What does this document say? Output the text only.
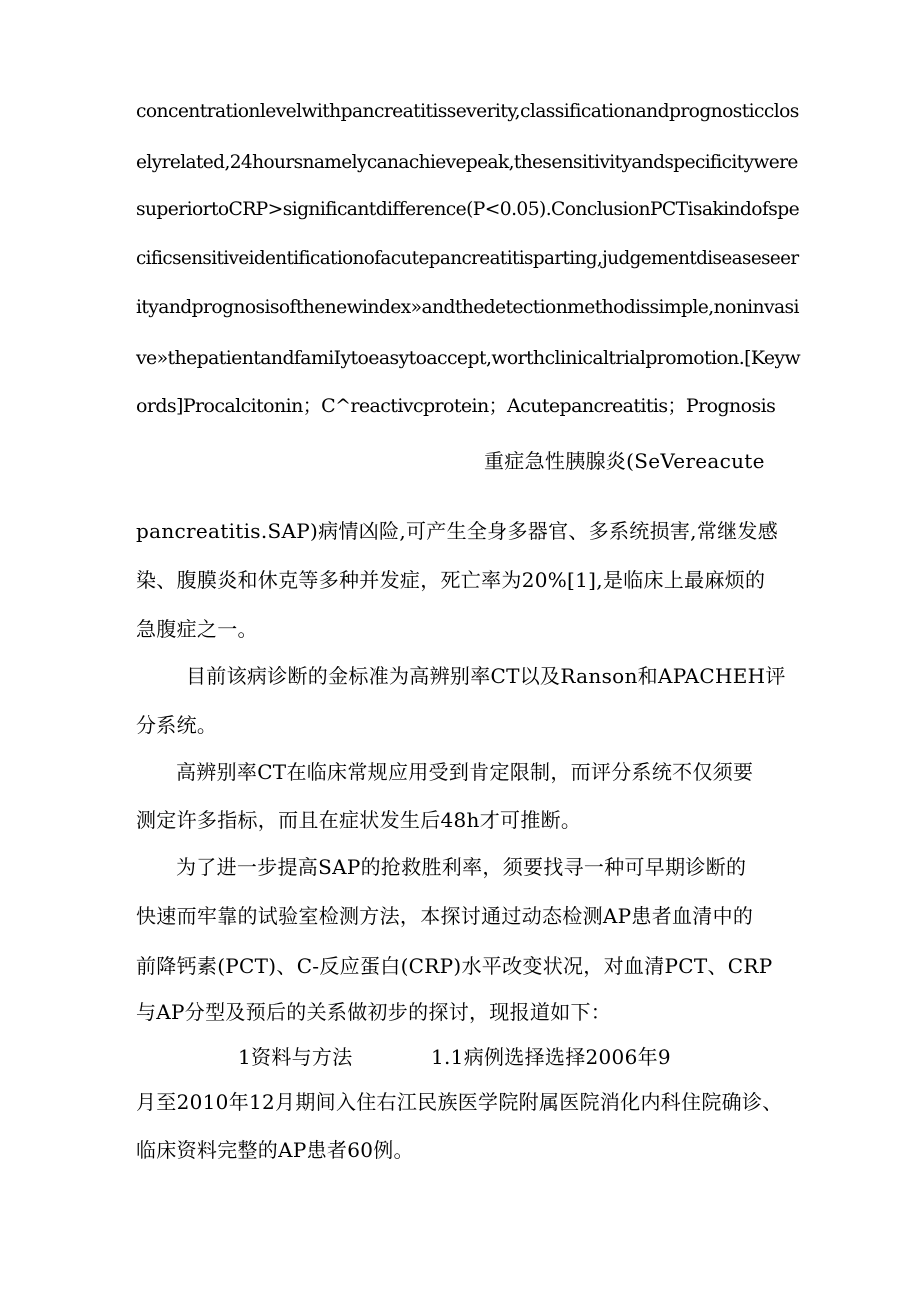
concentrationlevelwithpancreatitisseverity,classificationandprognosticclos
elyrelated,24hoursnamelycanachievepeak,thesensitivityandspecificitywere
superiortoCRP>significantdifference(P<0.05).ConclusionPCTisakindofspe
cificsensitiveidentificationofacutepancreatitisparting,judgementdiseaseseer
ityandprognosisofthenewindex»andthedetectionmethodissimple,noninvasi
ve»thepatientandfamiIytoeasytoaccept,worthclinicaltrialpromotion.[Keyw
ords]Procalcitonin；C^reactivcprotein；Acutepancreatitis；Prognosis
重症急性胰腺炎(SeVereacute
pancreatitis.SAP)病情凶险,可产生全身多器官、多系统损害,常继发感
染、腹膜炎和休克等多种并发症，死亡率为20%[1],是临床上最麻烦的
急腹症之一。
目前该病诊断的金标准为高辨别率CT以及Ranson和APACHEH评
分系统。
高辨别率CT在临床常规应用受到肯定限制，而评分系统不仅须要
测定许多指标，而且在症状发生后48h才可推断。
为了进一步提高SAP的抢救胜利率，须要找寻一种可早期诊断的
快速而牢靠的试验室检测方法，本探讨通过动态检测AP患者血清中的
前降钙素(PCT)、C-反应蛋白(CRP)水平改变状况，对血清PCT、CRP
与AP分型及预后的关系做初步的探讨，现报道如下：
1资料与方法	1.1病例选择选择2006年9
月至2010年12月期间入住右江民族医学院附属医院消化内科住院确诊、
临床资料完整的AP患者60例。
